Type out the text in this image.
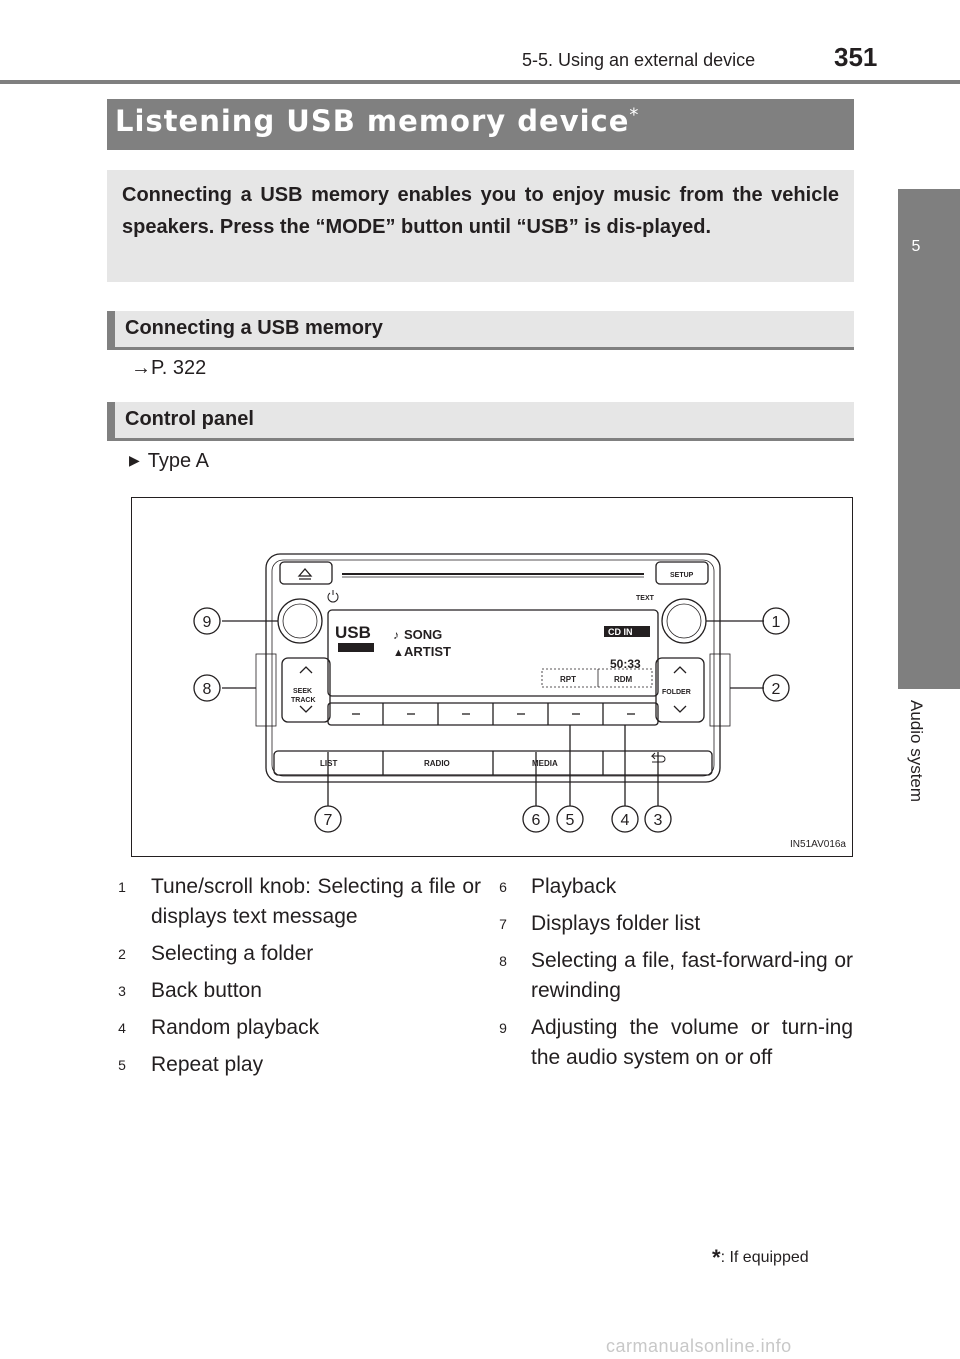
5-5. Using an external device	351
5
Audio system
Listening USB memory device*
Connecting a USB memory enables you to enjoy music from the vehicle speakers. Press the “MODE” button until “USB” is dis-played.
Connecting a USB memory
→P. 322
Control panel
▶ Type A
USB	SONG
ARTIST
♪
▲
CD IN
50:33
RPT	RDM
TEXT
SETUP
SEEK
TRACK
FOLDER
LIST	RADIO	MEDIA
9	1
8	2
7	6 5	4 3
IN51AV016a
1 Tune/scroll knob: Selecting a file or displays text message
2 Selecting a folder
3 Back button
4 Random playback
5 Repeat play
6 Playback
7 Displays folder list
8 Selecting a file, fast-forward-ing or rewinding
9 Adjusting the volume or turn-ing the audio system on or off
*: If equipped
carmanualsonline.info
